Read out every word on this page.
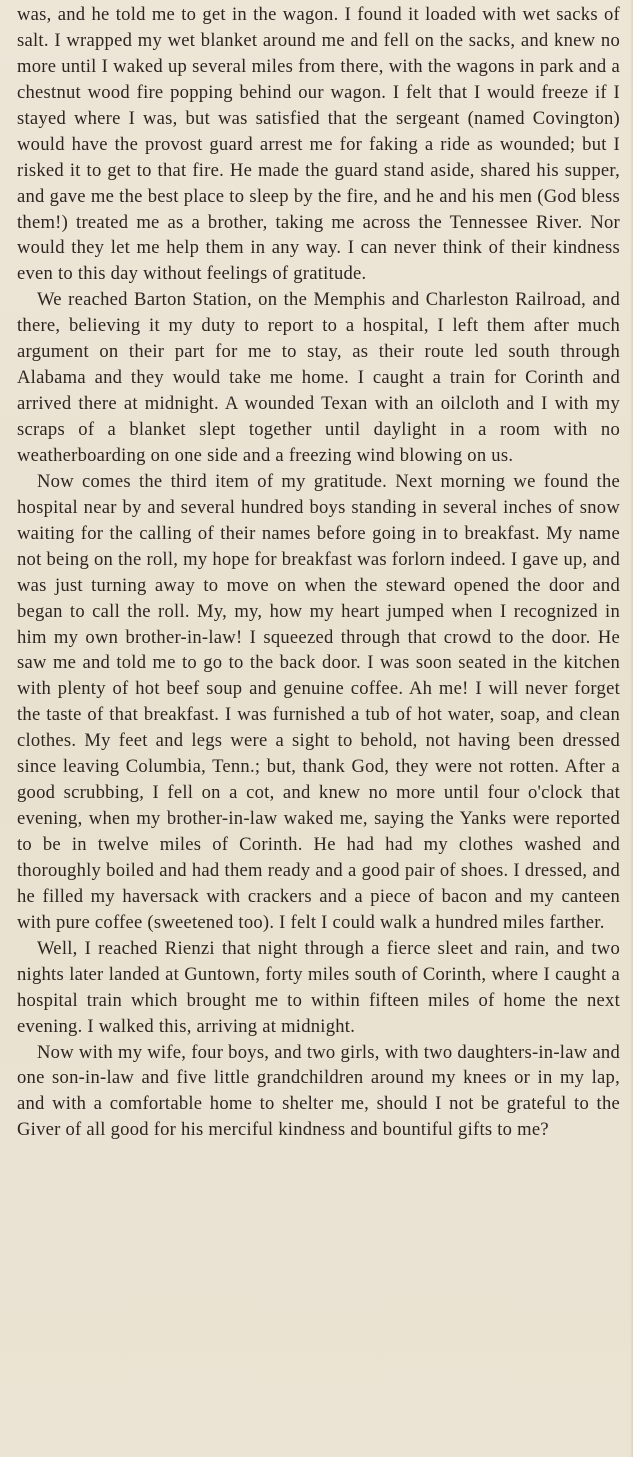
was, and he told me to get in the wagon. I found it loaded with wet sacks of salt. I wrapped my wet blanket around me and fell on the sacks, and knew no more until I waked up several miles from there, with the wagons in park and a chestnut wood fire popping behind our wagon. I felt that I would freeze if I stayed where I was, but was satisfied that the sergeant (named Covington) would have the provost guard arrest me for faking a ride as wounded; but I risked it to get to that fire. He made the guard stand aside, shared his supper, and gave me the best place to sleep by the fire, and he and his men (God bless them!) treated me as a brother, taking me across the Tennessee River. Nor would they let me help them in any way. I can never think of their kindness even to this day without feelings of gratitude.

We reached Barton Station, on the Memphis and Charleston Railroad, and there, believing it my duty to report to a hospital, I left them after much argument on their part for me to stay, as their route led south through Alabama and they would take me home. I caught a train for Corinth and arrived there at midnight. A wounded Texan with an oilcloth and I with my scraps of a blanket slept together until daylight in a room with no weatherboarding on one side and a freezing wind blowing on us.

Now comes the third item of my gratitude. Next morning we found the hospital near by and several hundred boys standing in several inches of snow waiting for the calling of their names before going in to breakfast. My name not being on the roll, my hope for breakfast was forlorn indeed. I gave up, and was just turning away to move on when the steward opened the door and began to call the roll. My, my, how my heart jumped when I recognized in him my own brother-in-law! I squeezed through that crowd to the door. He saw me and told me to go to the back door. I was soon seated in the kitchen with plenty of hot beef soup and genuine coffee. Ah me! I will never forget the taste of that breakfast. I was furnished a tub of hot water, soap, and clean clothes. My feet and legs were a sight to behold, not having been dressed since leaving Columbia, Tenn.; but, thank God, they were not rotten. After a good scrubbing, I fell on a cot, and knew no more until four o'clock that evening, when my brother-in-law waked me, saying the Yanks were reported to be in twelve miles of Corinth. He had had my clothes washed and thoroughly boiled and had them ready and a good pair of shoes. I dressed, and he filled my haversack with crackers and a piece of bacon and my canteen with pure coffee (sweetened too). I felt I could walk a hundred miles farther.

Well, I reached Rienzi that night through a fierce sleet and rain, and two nights later landed at Guntown, forty miles south of Corinth, where I caught a hospital train which brought me to within fifteen miles of home the next evening. I walked this, arriving at midnight.

Now with my wife, four boys, and two girls, with two daughters-in-law and one son-in-law and five little grandchildren around my knees or in my lap, and with a comfortable home to shelter me, should I not be grateful to the Giver of all good for his merciful kindness and bountiful gifts to me?
